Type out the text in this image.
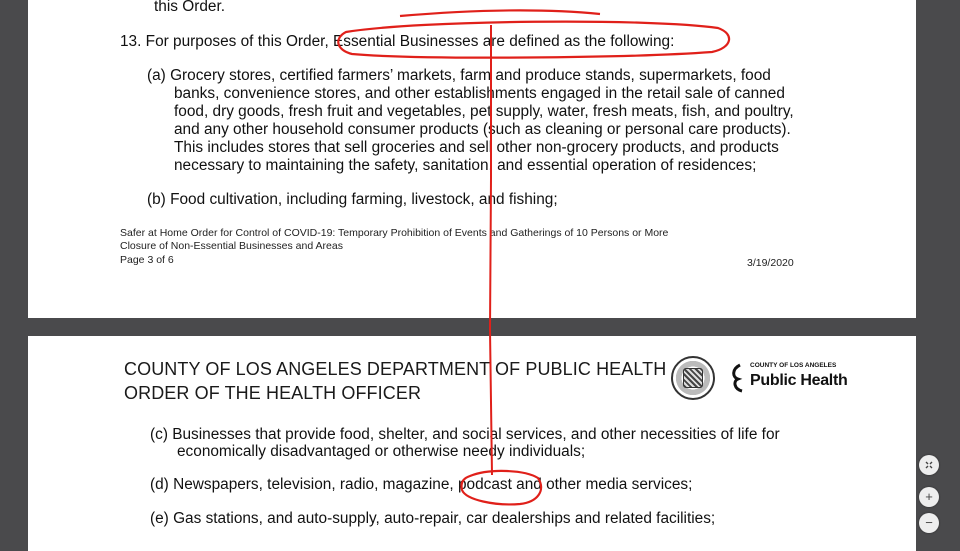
this Order.
13. For purposes of this Order, Essential Businesses are defined as the following:
(a) Grocery stores, certified farmers’ markets, farm and produce stands, supermarkets, food
banks, convenience stores, and other establishments engaged in the retail sale of canned
food, dry goods, fresh fruit and vegetables, pet supply, water, fresh meats, fish, and poultry,
and any other household consumer products (such as cleaning or personal care products).
This includes stores that sell groceries and sell other non-grocery products, and products
necessary to maintaining the safety, sanitation, and essential operation of residences;
(b) Food cultivation, including farming, livestock, and fishing;
Safer at Home Order for Control of COVID-19: Temporary Prohibition of Events and Gatherings of 10 Persons or More
Closure of Non-Essential Businesses and Areas
Page 3 of 6	3/19/2020
COUNTY OF LOS ANGELES DEPARTMENT OF PUBLIC HEALTH
ORDER OF THE HEALTH OFFICER
COUNTY OF LOS ANGELES
Public Health
(c) Businesses that provide food, shelter, and social services, and other necessities of life for
economically disadvantaged or otherwise needy individuals;
(d) Newspapers, television, radio, magazine, podcast and other media services;
(e) Gas stations, and auto-supply, auto-repair, car dealerships and related facilities;
+
−
